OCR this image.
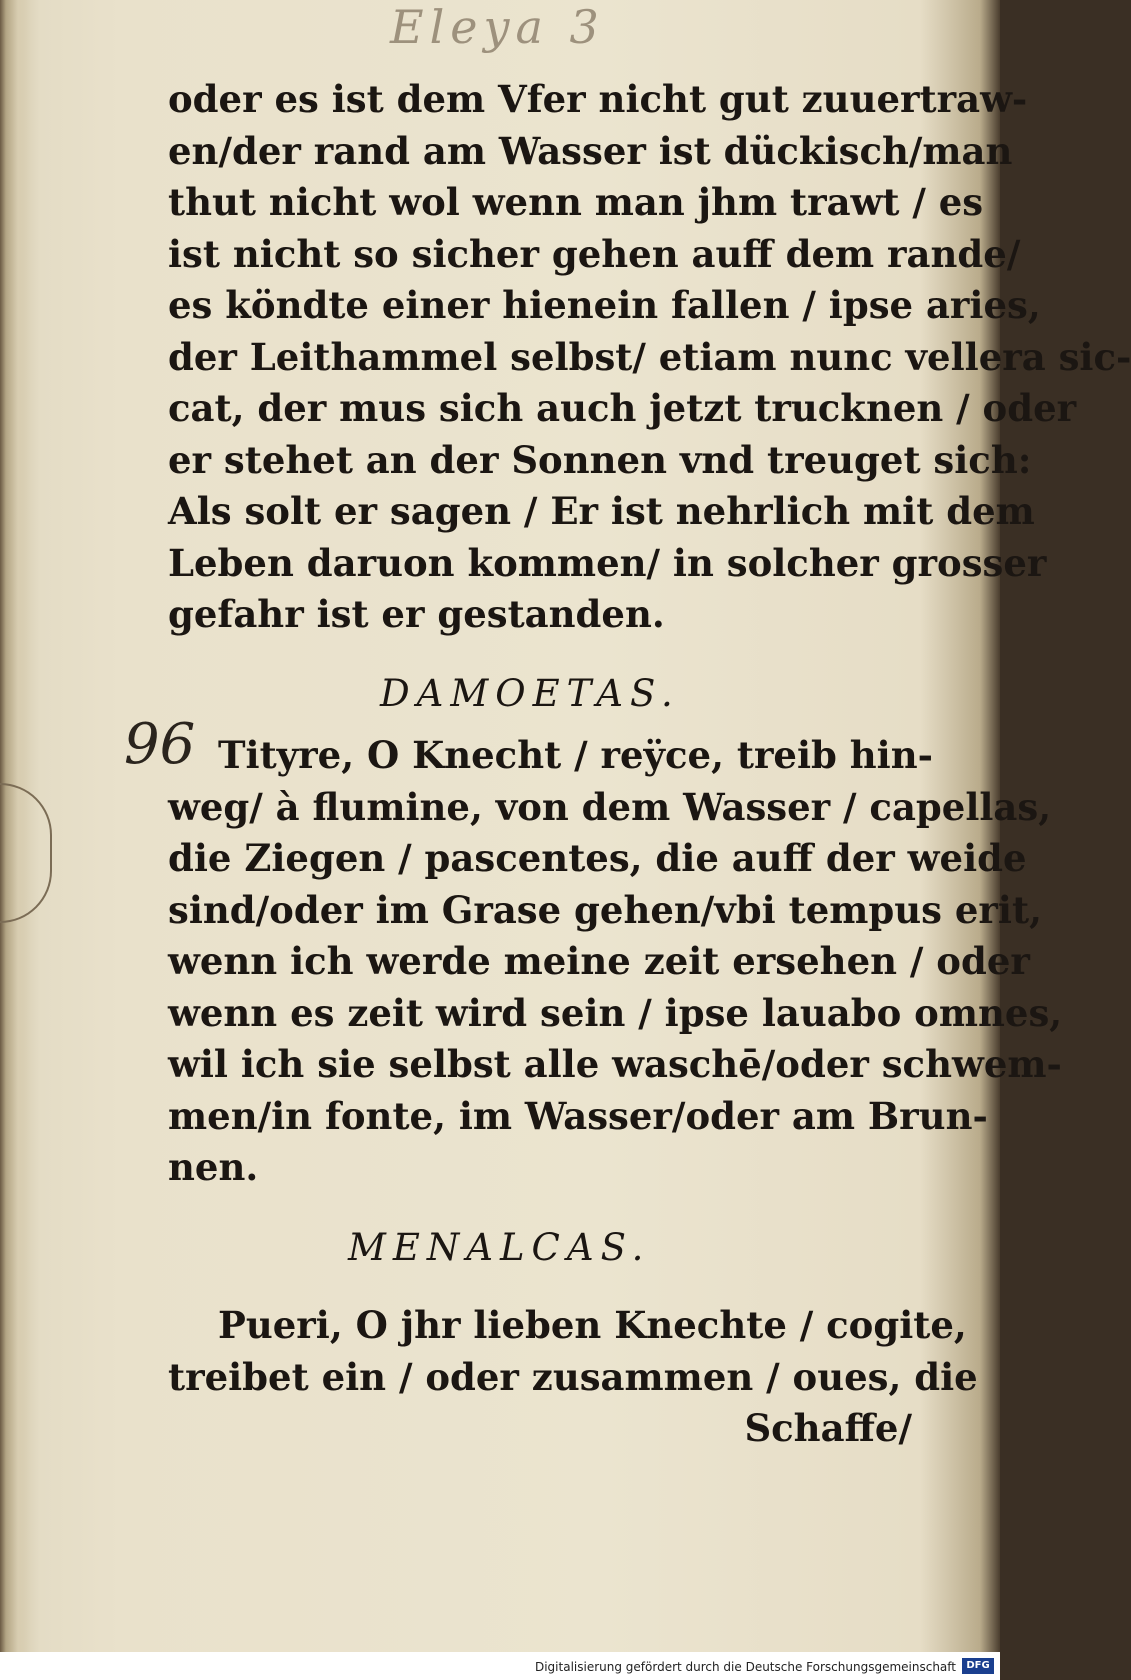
Eleya 3
oder es ist dem Vfer nicht gut zuuertraw-
en/der rand am Wasser ist dückisch/man
thut nicht wol wenn man jhm trawt / es
ist nicht so sicher gehen auff dem rande/
es köndte einer hienein fallen / ipse aries,
der Leithammel selbst/ etiam nunc vellera sic-
cat, der mus sich auch jetzt trucknen / oder
er stehet an der Sonnen vnd treuget sich:
Als solt er sagen / Er ist nehrlich mit dem
Leben daruon kommen/ in solcher grosser
gefahr ist er gestanden.
DAMOETAS.
96 Tityre, O Knecht / reÿce, treib hin-
weg/ à flumine, von dem Wasser / capellas,
die Ziegen / pascentes, die auff der weide
sind/oder im Grase gehen/vbi tempus erit,
wenn ich werde meine zeit ersehen / oder
wenn es zeit wird sein / ipse lauabo omnes,
wil ich sie selbst alle waschē/oder schwem-
men/in fonte, im Wasser/oder am Brun-
nen.
MENALCAS.
Pueri, O jhr lieben Knechte / cogite,
treibet ein / oder zusammen / oues, die
Schaffe/
Digitalisierung gefördert durch die Deutsche Forschungsgemeinschaft	DFG
